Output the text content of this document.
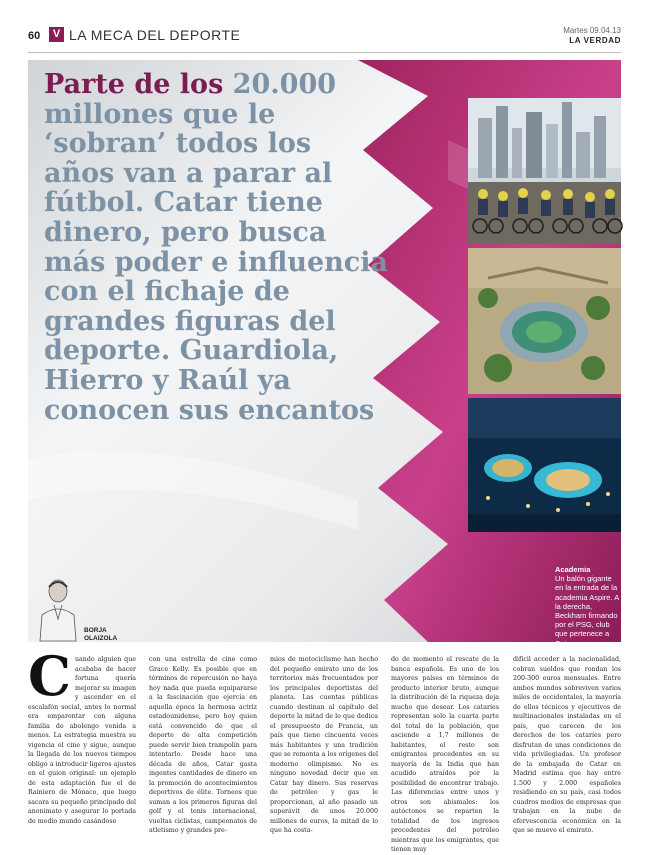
60	V LA MECA DEL DEPORTE	Martes 09.04.13
LA VERDAD
Parte de los 20.000 millones que le ‘sobran’ todos los años van a parar al fútbol. Catar tiene dinero, pero busca más poder e influencia con el fichaje de grandes figuras del deporte. Guardiola, Hierro y Raúl ya conocen sus encantos
Academia
Un balón gigante en la entrada de la academia Aspire. A la derecha, Beckham firmando por el PSG, club que pertenece a Catar. AFP
BORJA
OLAIZOLA

Cuando alguien que acababa de hacer fortuna quería mejorar su imagen y ascender en el escalafón social, antes lo normal era emparentar con alguna familia de abolengo venida a menos. La estrategia muestra su vigencia el cine y sigue, aunque la llegada de los nuevos tiempos obligó a introducir ligeros ajustes en el guion original: un ejemplo de esta adaptación fue el de Rainiero de Mónaco, que luego sacara su pequeño principado del anonimato y asegurar lo portada de medio mundo casándose

con una estrella de cine como Grace Kelly. Es posible que en términos de repercusión no haya hoy nada que pueda equipararse a la fascinación que ejercía en aquella época la hermosa actriz estadounidense, pero hoy quien está convencido de que el deporte de alta competición puede servir bien trampolín para intentarlo. Desde hace una década de años, Catar gasta ingentes cantidades de dinero en la promoción de acontecimientos deportivos de élite. Torneos que suman a los primeros figuras del golf y el tenis internacional, vueltas ciclistas, campeonatos de atletismo y grandes pre-

mios de motociclismo han hecho del pequeño emirato uno de los territorios más frecuentados por los principales deportistas del planeta. Las cuentas públicas cuando destinan al capítulo del deporte la mitad de lo que dedica el presupuesto de Francia, un país que tiene cincuenta veces más habitantes y una tradición que se remonta a los orígenes del moderno olimpismo. No es ninguno novedad decir que en Catar hay dinero. Sus reservas de petróleo y gas le proporcionan, al año pasado un superávit de unos 20.000 millones de euros, la mitad de lo que ha costa-

do de momento el rescate de la banca española. Es uno de los mayores países en términos de producto interior bruto, aunque la distribución de la riqueza deja mucho que desear. Los cataríes representan solo la cuarta parte del total de la población, que asciende a 1,7 millones de habitantes, el resto son emigrantes procedentes en su mayoría de la India que han acudido atraídos por la posibilidad de encontrar trabajo. Las diferencias entre unos y otros son abismales: los autóctonos se reparten la totalidad de los ingresos procedentes del petróleo mientras que los emigrantes, que tienen muy

difícil acceder a la nacionalidad, cobran sueldos que rondan los 200-300 euros mensuales. Entre ambos mundos sobreviven varios miles de occidentales, la mayoría de ellos técnicos y ejecutivos de multinacionales instaladas en el país, que carecen de los derechos de los cataríes pero disfrutan de unas condiciones de vida privilegiadas. Un profesor de la embajada de Catar en Madrid estima que hay entre 1.500 y 2.000 españoles residiendo en su país, casi todos cuadros medios de empresas que trabajan en la nube de efervescencia económica en la que se mueve el emirato.
